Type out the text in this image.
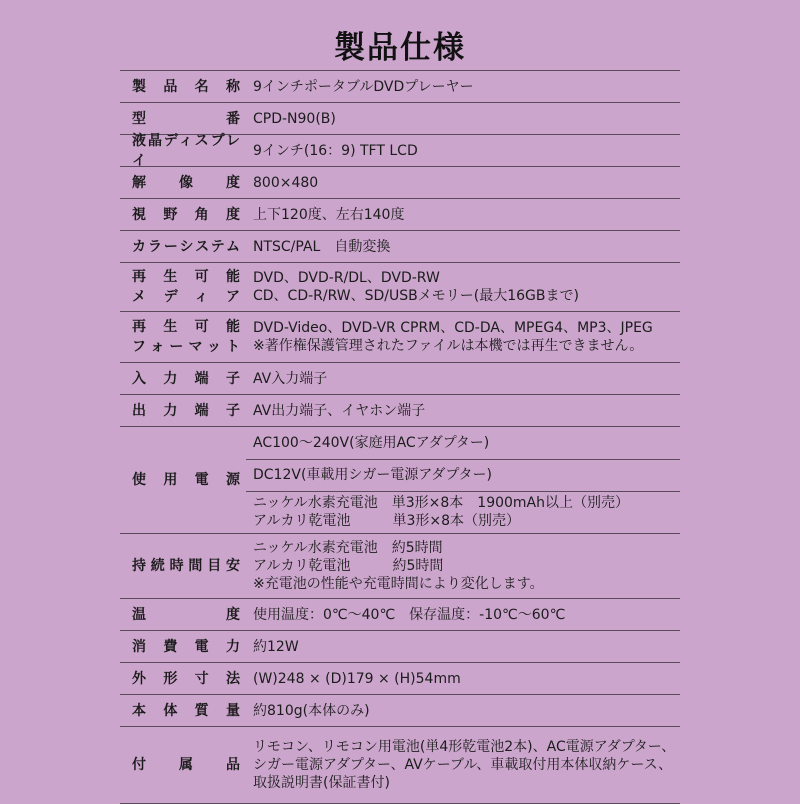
製品仕様
製品名称 9インチポータブルDVDプレーヤー
型番 CPD-N90(B)
液晶ディスプレイ
9インチ(16：9) TFT LCD
解像度 800×480
視野角度 上下120度、左右140度
カラーシステム NTSC/PAL　自動変換
再生可能
メディア
DVD、DVD-R/DL、DVD-RW
CD、CD-R/RW、SD/USBメモリー(最大16GBまで)
再生可能
フォーマット
DVD-Video、DVD-VR CPRM、CD-DA、MPEG4、MP3、JPEG
※著作権保護管理されたファイルは本機では再生できません。
入力端子 AV入力端子
出力端子 AV出力端子、イヤホン端子
使用電源
AC100～240V(家庭用ACアダプター)
DC12V(車載用シガー電源アダプター)
ニッケル水素充電池　単3形×8本　1900mAh以上（別売）
アルカリ乾電池　　　単3形×8本（別売）
持続時間目安
ニッケル水素充電池　約5時間
アルカリ乾電池　　　約5時間
※充電池の性能や充電時間により変化します。
温度 使用温度：0℃～40℃　保存温度：-10℃～60℃
消費電力 約12W
外形寸法 (W)248 × (D)179 × (H)54mm
本体質量 約810g(本体のみ)
付属品
リモコン、リモコン用電池(単4形乾電池2本)、AC電源アダプター、
シガー電源アダプター、AVケーブル、車載取付用本体収納ケース、
取扱説明書(保証書付)
